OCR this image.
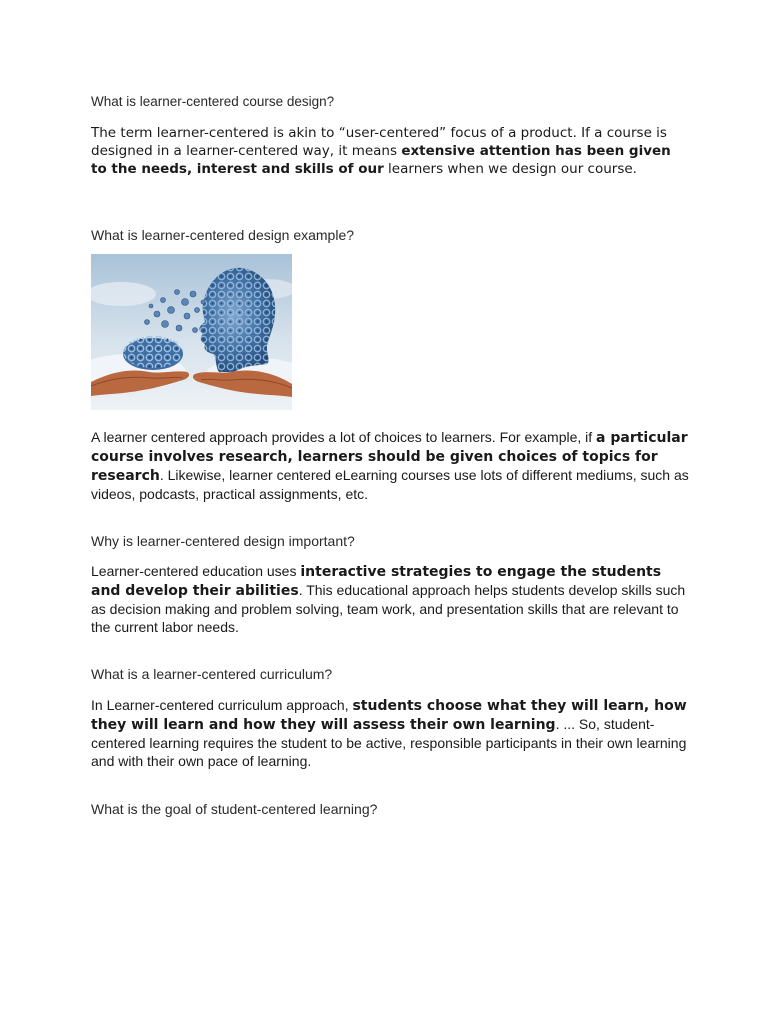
What is learner-centered course design?

The term learner-centered is akin to “user-centered” focus of a product. If a course is designed in a learner-centered way, it means extensive attention has been given to the needs, interest and skills of our learners when we design our course.

What is learner-centered design example?

A learner centered approach provides a lot of choices to learners. For example, if a particular course involves research, learners should be given choices of topics for research. Likewise, learner centered eLearning courses use lots of different mediums, such as videos, podcasts, practical assignments, etc.

Why is learner-centered design important?

Learner-centered education uses interactive strategies to engage the students and develop their abilities. This educational approach helps students develop skills such as decision making and problem solving, team work, and presentation skills that are relevant to the current labor needs.

What is a learner-centered curriculum?

In Learner-centered curriculum approach, students choose what they will learn, how they will learn and how they will assess their own learning. ... So, student-centered learning requires the student to be active, responsible participants in their own learning and with their own pace of learning.

What is the goal of student-centered learning?
